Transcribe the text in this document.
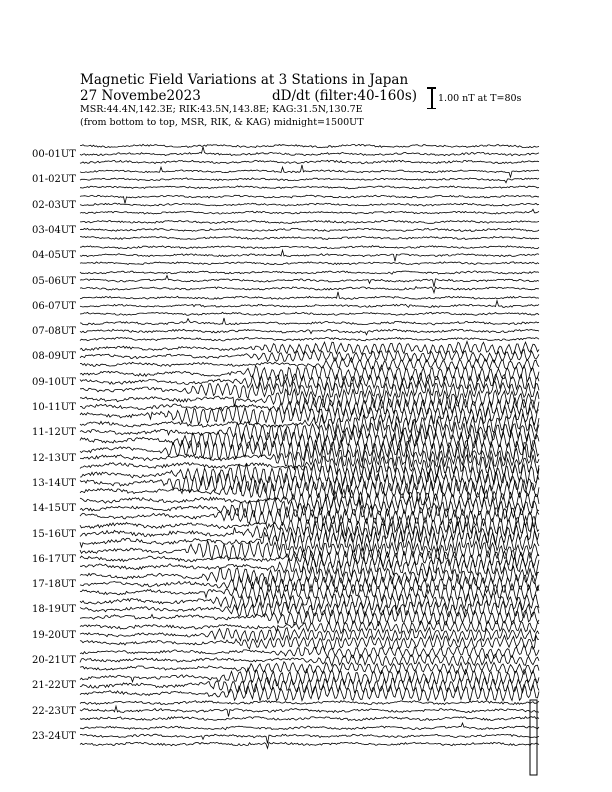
Magnetic Field Variations at 3 Stations in Japan
27 Novembe2023	dD/dt (filter:40-160s)
MSR:44.4N,142.3E; RIK:43.5N,143.8E; KAG:31.5N,130.7E
(from bottom to top, MSR, RIK, & KAG) midnight=1500UT
1.00 nT at T=80s
00-01UT
01-02UT
02-03UT
03-04UT
04-05UT
05-06UT
06-07UT
07-08UT
08-09UT
09-10UT
10-11UT
11-12UT
12-13UT
13-14UT
14-15UT
15-16UT
16-17UT
17-18UT
18-19UT
19-20UT
20-21UT
21-22UT
22-23UT
23-24UT
